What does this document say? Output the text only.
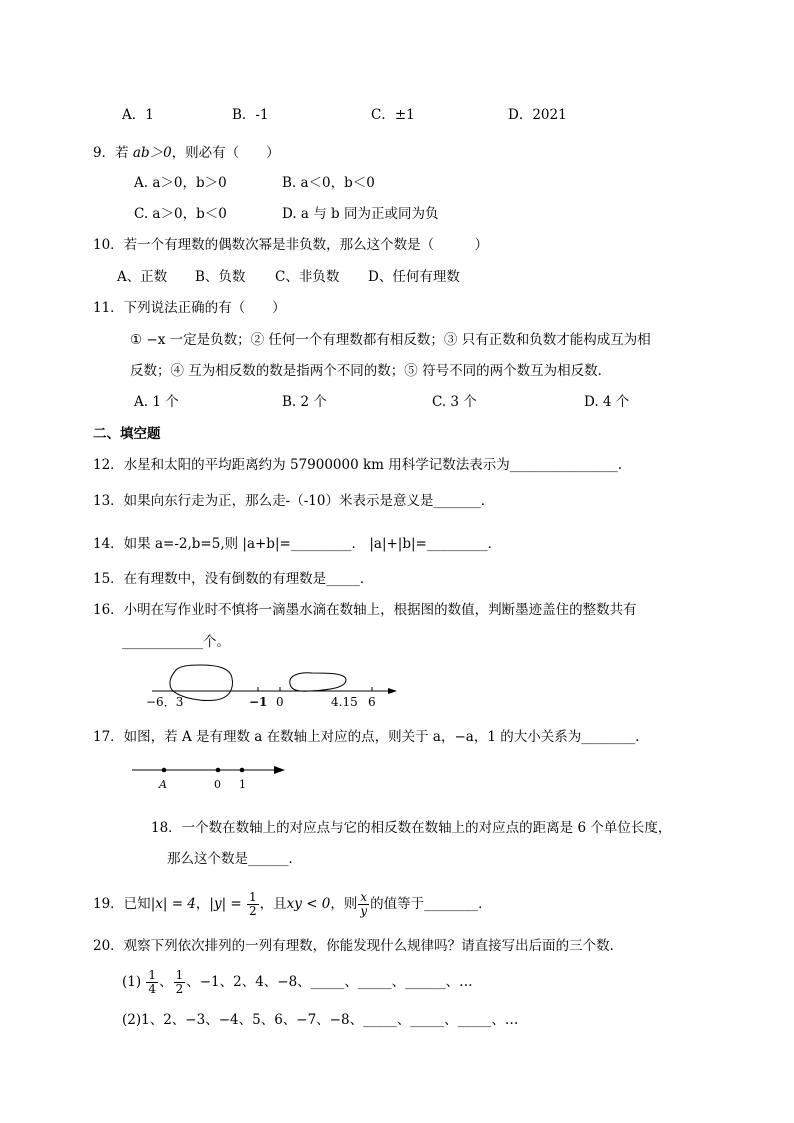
A．1	B．-1	C．±1	D．2021
9．若 ab＞0，则必有（　　）
A. a＞0，b＞0	B. a＜0，b＜0
C. a＞0，b＜0	D. a 与 b 同为正或同为负
10．若一个有理数的偶数次幂是非负数，那么这个数是（　　　）
A、正数 B、负数 C、非负数 D、任何有理数
11．下列说法正确的有（　　）
① −x 一定是负数；② 任何一个有理数都有相反数；③ 只有正数和负数才能构成互为相
反数；④ 互为相反数的数是指两个不同的数；⑤ 符号不同的两个数互为相反数．
A. 1 个	B. 2 个	C. 3 个	D. 4 个
二、填空题
12．水星和太阳的平均距离约为 57900000 km 用科学记数法表示为________________.
13．如果向东行走为正，那么走-（-10）米表示是意义是_______．
14．如果 a=-2,b=5,则 |a+b|=_________． |a|+|b|=_________．
15．在有理数中，没有倒数的有理数是_____．
16．小明在写作业时不慎将一滴墨水滴在数轴上，根据图的数值，判断墨迹盖住的整数共有
____________个。
−6．3	−1 0	4.15 6
17．如图，若 A 是有理数 a 在数轴上对应的点，则关于 a，−a，1 的大小关系为________．
A	0 1
18．一个数在数轴上的对应点与它的相反数在数轴上的对应点的距离是 6 个单位长度，
那么这个数是______．
19．已知|x| = 4，$|y| = \frac{1}{2}$ ，且xy < 0，则 $\frac{x}{y}$ 的值等于________．
20．观察下列依次排列的一列有理数，你能发现什么规律吗？请直接写出后面的三个数．
$(1) \frac{1}{4}$ 、 $\frac{1}{2}$ 、−1、2、4、−8、_____、_____、______、…
(2)1、2、−3、−4、5、6、−7、−8、_____、_____、_____、…
